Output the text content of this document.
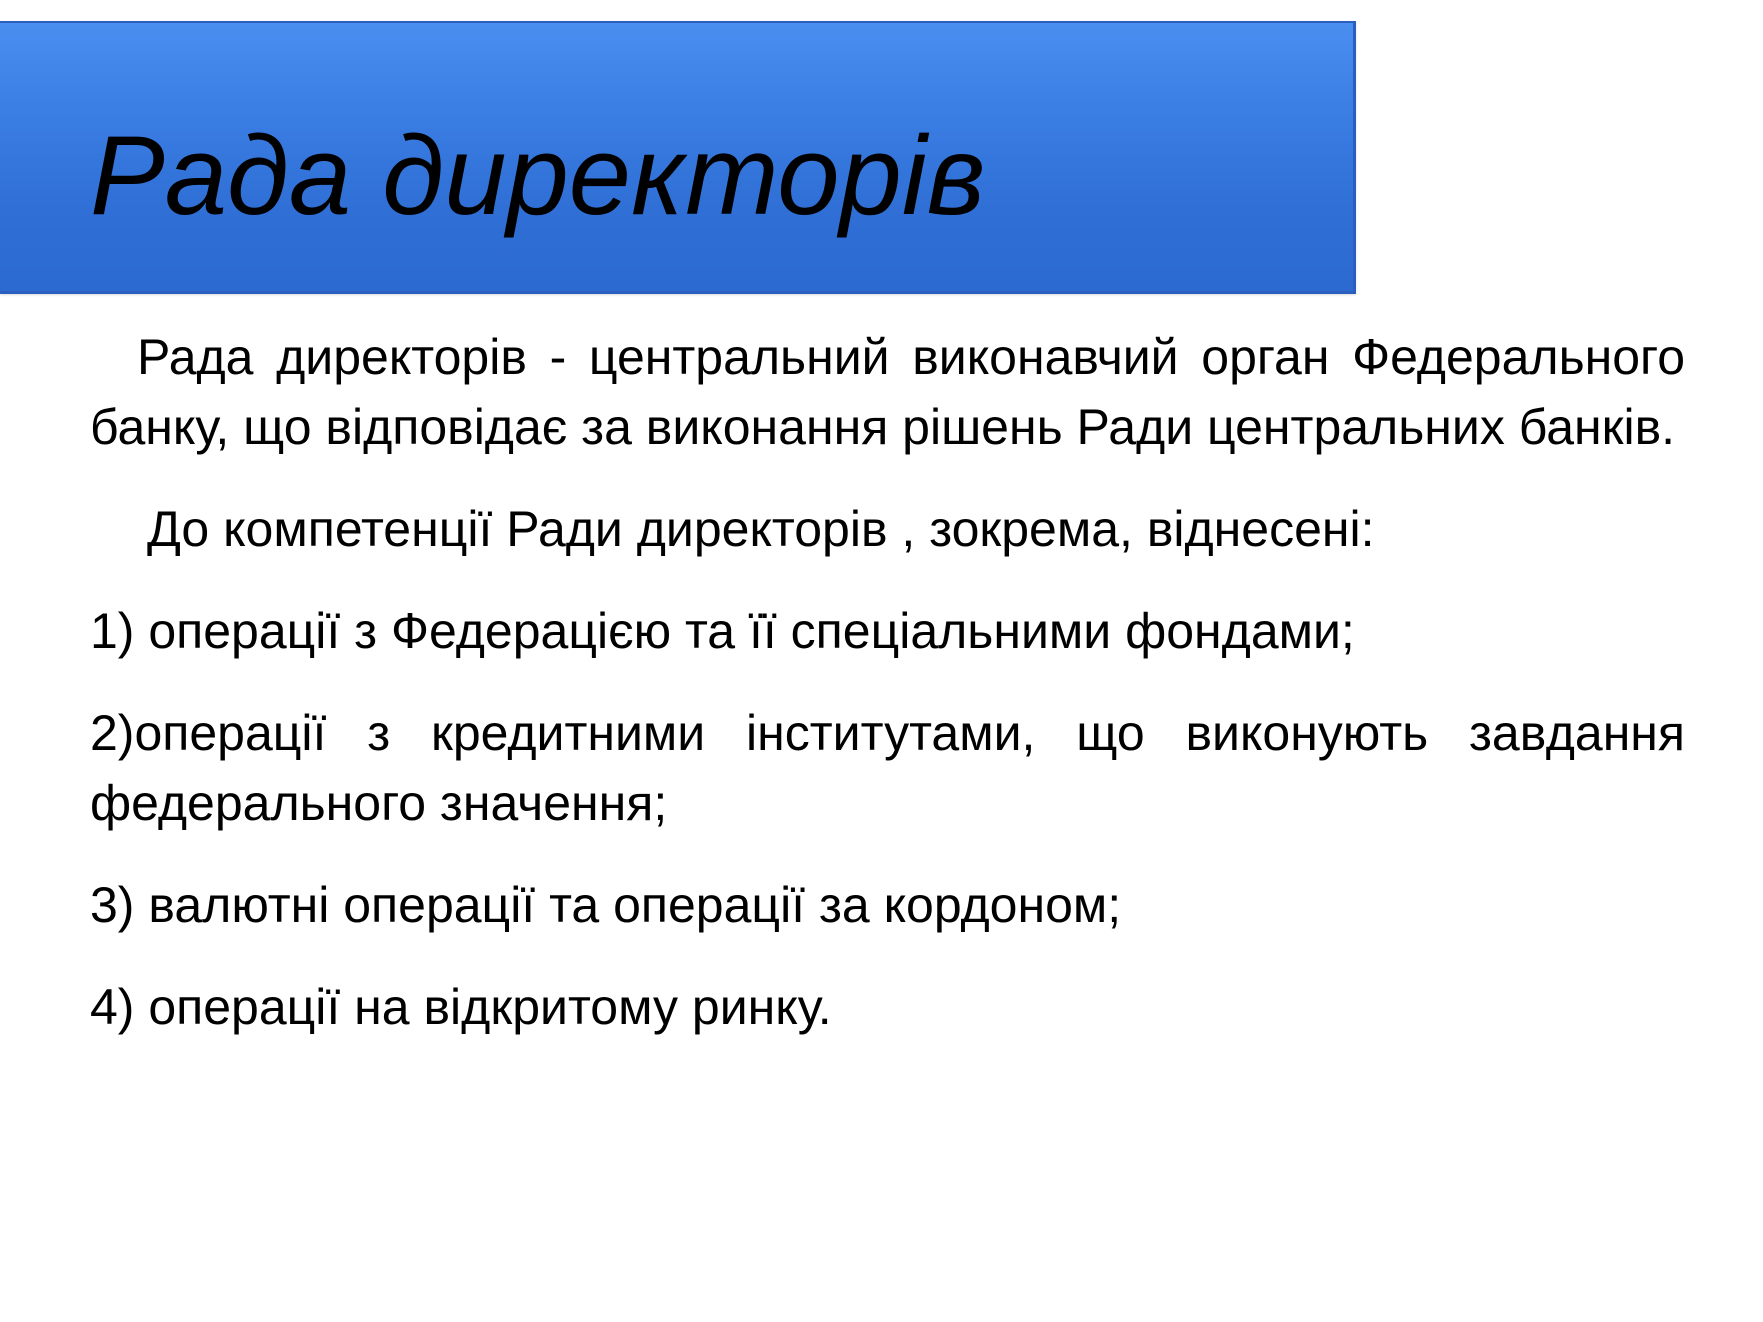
Рада директорів

Рада директорів - центральний виконавчий орган Федерального банку, що відповідає за виконання рішень Ради центральних банків.

До компетенції Ради директорів , зокрема, віднесені:

1) операції з Федерацією та її спеціальними фондами;

2)операції з кредитними інститутами, що виконують завдання федерального значення;

3) валютні операції та операції за кордоном;

4) операції на відкритому ринку.
